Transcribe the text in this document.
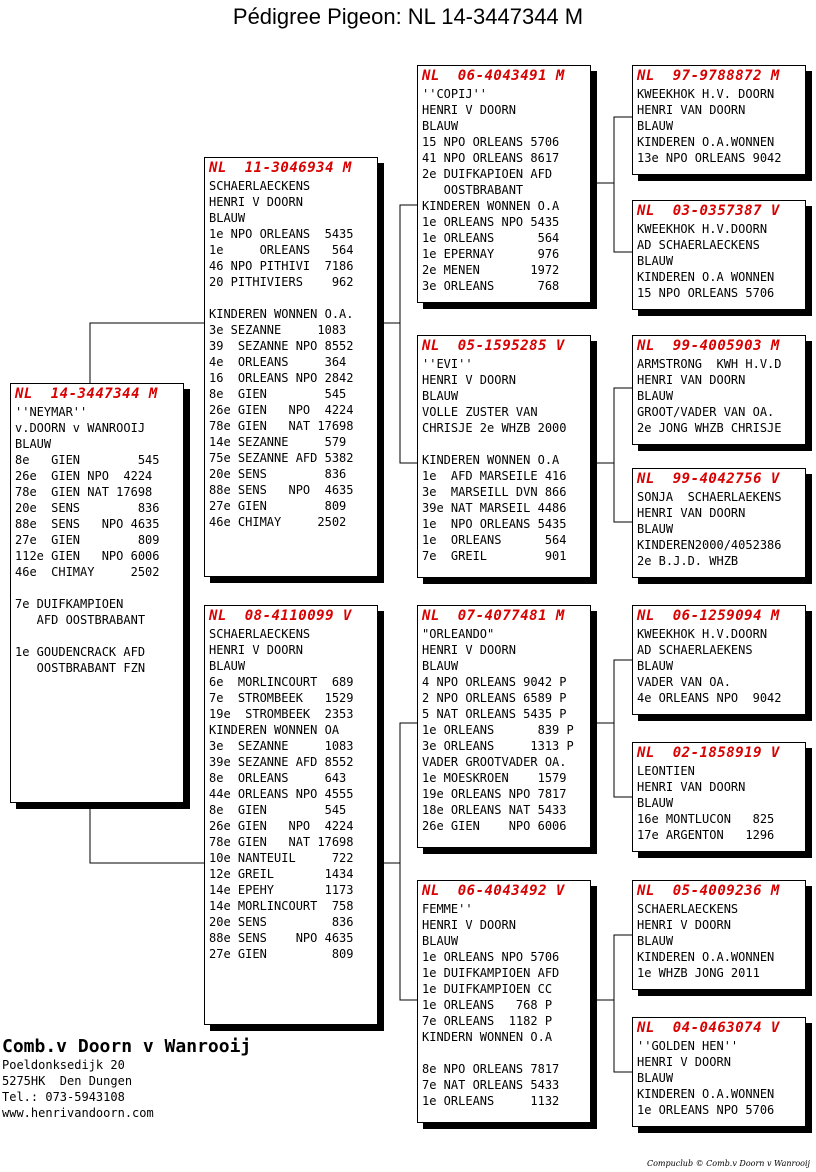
Pédigree Pigeon: NL 14-3447344 M
NL  14-3447344 M
''NEYMAR''
v.DOORN v WANROOIJ
BLAUW
8e   GIEN        545
26e  GIEN NPO  4224
78e  GIEN NAT 17698
20e  SENS        836
88e  SENS   NPO 4635
27e  GIEN        809
112e GIEN   NPO 6006
46e  CHIMAY     2502
7e DUIFKAMPIOEN
AFD OOSTBRABANT
1e GOUDENCRACK AFD
OOSTBRABANT FZN
NL  11-3046934 M
SCHAERLAECKENS
HENRI V DOORN
BLAUW
1e NPO ORLEANS  5435
1e     ORLEANS   564
46 NPO PITHIVI  7186
20 PITHIVIERS    962
KINDEREN WONNEN O.A.
3e SEZANNE     1083
39  SEZANNE NPO 8552
4e  ORLEANS     364
16  ORLEANS NPO 2842
8e  GIEN        545
26e GIEN   NPO  4224
78e GIEN   NAT 17698
14e SEZANNE     579
75e SEZANNE AFD 5382
20e SENS        836
88e SENS   NPO  4635
27e GIEN        809
46e CHIMAY     2502
NL  08-4110099 V
SCHAERLAECKENS
HENRI V DOORN
BLAUW
6e  MORLINCOURT  689
7e  STROMBEEK   1529
19e  STROMBEEK  2353
KINDEREN WONNEN OA
3e  SEZANNE     1083
39e SEZANNE AFD 8552
8e  ORLEANS     643
44e ORLEANS NPO 4555
8e  GIEN        545
26e GIEN   NPO  4224
78e GIEN   NAT 17698
10e NANTEUIL     722
12e GREIL       1434
14e EPEHY       1173
14e MORLINCOURT  758
20e SENS         836
88e SENS    NPO 4635
27e GIEN         809
NL  06-4043491 M
''COPIJ''
HENRI V DOORN
BLAUW
15 NPO ORLEANS 5706
41 NPO ORLEANS 8617
2e DUIFKAPIOEN AFD
OOSTBRABANT
KINDEREN WONNEN O.A
1e ORLEANS NPO 5435
1e ORLEANS      564
1e EPERNAY      976
2e MENEN       1972
3e ORLEANS      768
NL  05-1595285 V
''EVI''
HENRI V DOORN
BLAUW
VOLLE ZUSTER VAN
CHRISJE 2e WHZB 2000
KINDEREN WONNEN O.A
1e  AFD MARSEILE 416
3e  MARSEILL DVN 866
39e NAT MARSEIL 4486
1e  NPO ORLEANS 5435
1e  ORLEANS      564
7e  GREIL        901
NL  07-4077481 M
"ORLEANDO"
HENRI V DOORN
BLAUW
4 NPO ORLEANS 9042 P
2 NPO ORLEANS 6589 P
5 NAT ORLEANS 5435 P
1e ORLEANS      839 P
3e ORLEANS     1313 P
VADER GROOTVADER OA.
1e MOESKROEN    1579
19e ORLEANS NPO 7817
18e ORLEANS NAT 5433
26e GIEN    NPO 6006
NL  06-4043492 V
FEMME''
HENRI V DOORN
BLAUW
1e ORLEANS NPO 5706
1e DUIFKAMPIOEN AFD
1e DUIFKAMPIOEN CC
1e ORLEANS   768 P
7e ORLEANS  1182 P
KINDERN WONNEN O.A
8e NPO ORLEANS 7817
7e NAT ORLEANS 5433
1e ORLEANS     1132
NL  97-9788872 M
KWEEKHOK H.V. DOORN
HENRI VAN DOORN
BLAUW
KINDEREN O.A.WONNEN
13e NPO ORLEANS 9042
NL  03-0357387 V
KWEEKHOK H.V.DOORN
AD SCHAERLAECKENS
BLAUW
KINDEREN O.A WONNEN
15 NPO ORLEANS 5706
NL  99-4005903 M
ARMSTRONG  KWH H.V.D
HENRI VAN DOORN
BLAUW
GROOT/VADER VAN OA.
2e JONG WHZB CHRISJE
NL  99-4042756 V
SONJA  SCHAERLAEKENS
HENRI VAN DOORN
BLAUW
KINDEREN2000/4052386
2e B.J.D. WHZB
NL  06-1259094 M
KWEEKHOK H.V.DOORN
AD SCHAERLAEKENS
BLAUW
VADER VAN OA.
4e ORLEANS NPO  9042
NL  02-1858919 V
LEONTIEN
HENRI VAN DOORN
BLAUW
16e MONTLUCON   825
17e ARGENTON   1296
NL  05-4009236 M
SCHAERLAECKENS
HENRI V DOORN
BLAUW
KINDEREN O.A.WONNEN
1e WHZB JONG 2011
NL  04-0463074 V
''GOLDEN HEN''
HENRI V DOORN
BLAUW
KINDEREN O.A.WONNEN
1e ORLEANS NPO 5706
Comb.v Doorn v Wanrooij
Poeldonksedijk 20
5275HK  Den Dungen
Tel.: 073-5943108
www.henrivandoorn.com
Compuclub © Comb.v Doorn v Wanrooij
